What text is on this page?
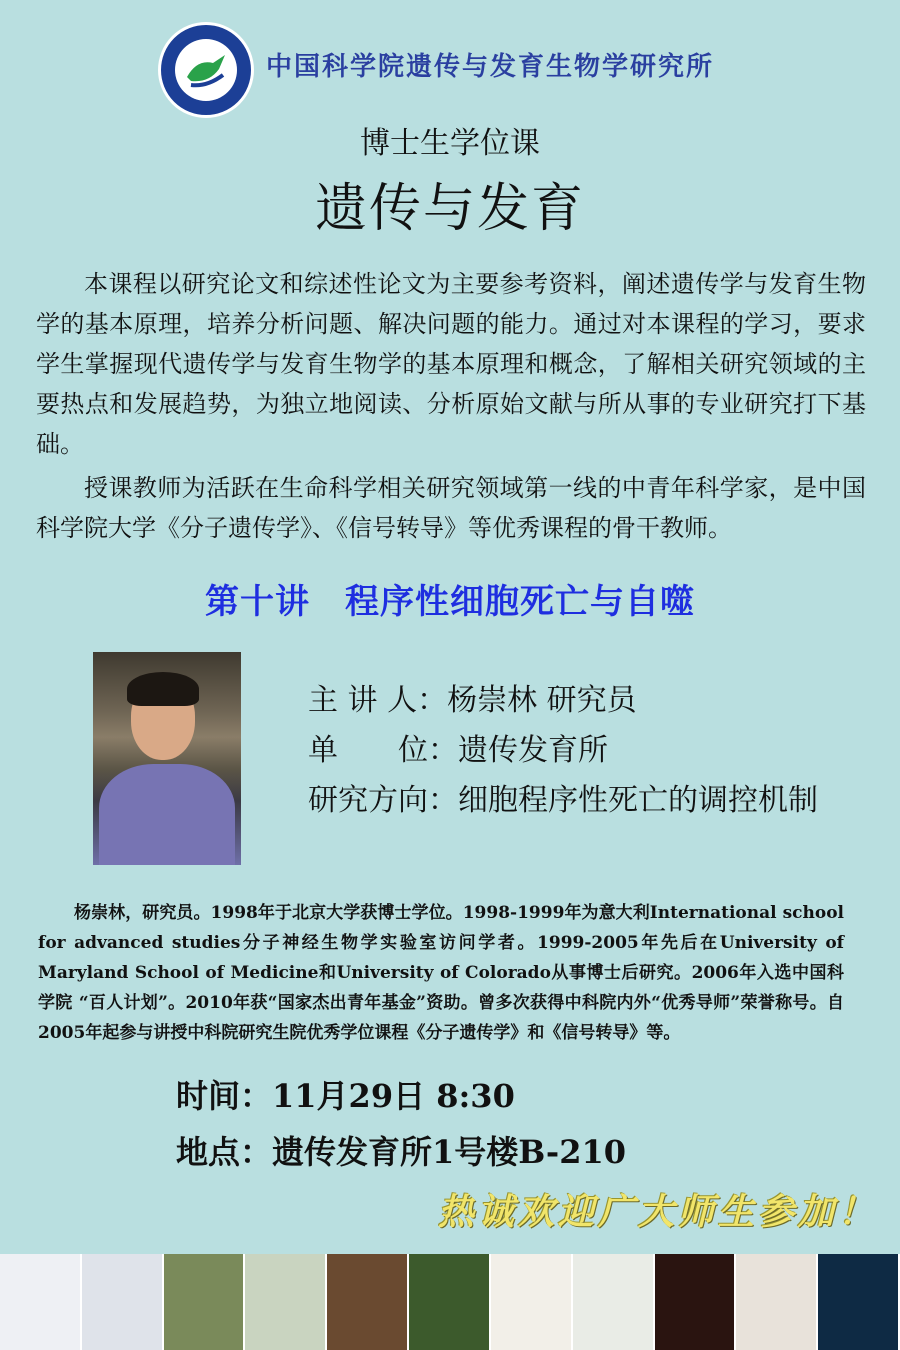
中国科学院遗传与发育生物学研究所
博士生学位课
遗传与发育

本课程以研究论文和综述性论文为主要参考资料，阐述遗传学与发育生物学的基本原理，培养分析问题、解决问题的能力。通过对本课程的学习，要求学生掌握现代遗传学与发育生物学的基本原理和概念，了解相关研究领域的主要热点和发展趋势，为独立地阅读、分析原始文献与所从事的专业研究打下基础。

授课教师为活跃在生命科学相关研究领域第一线的中青年科学家，是中国科学院大学《分子遗传学》、《信号转导》等优秀课程的骨干教师。

第十讲　程序性细胞死亡与自噬
主 讲 人：杨崇林 研究员
单　　位：遗传发育所
研究方向：细胞程序性死亡的调控机制

杨崇林，研究员。1998年于北京大学获博士学位。1998-1999年为意大利International school for advanced studies分子神经生物学实验室访问学者。1999-2005年先后在University of Maryland School of Medicine和University of Colorado从事博士后研究。2006年入选中国科学院 “百人计划”。2010年获“国家杰出青年基金”资助。曾多次获得中科院内外“优秀导师”荣誉称号。自2005年起参与讲授中科院研究生院优秀学位课程《分子遗传学》和《信号转导》等。

时间：11月29日 8:30
地点：遗传发育所1号楼B-210
热诚欢迎广大师生参加！
